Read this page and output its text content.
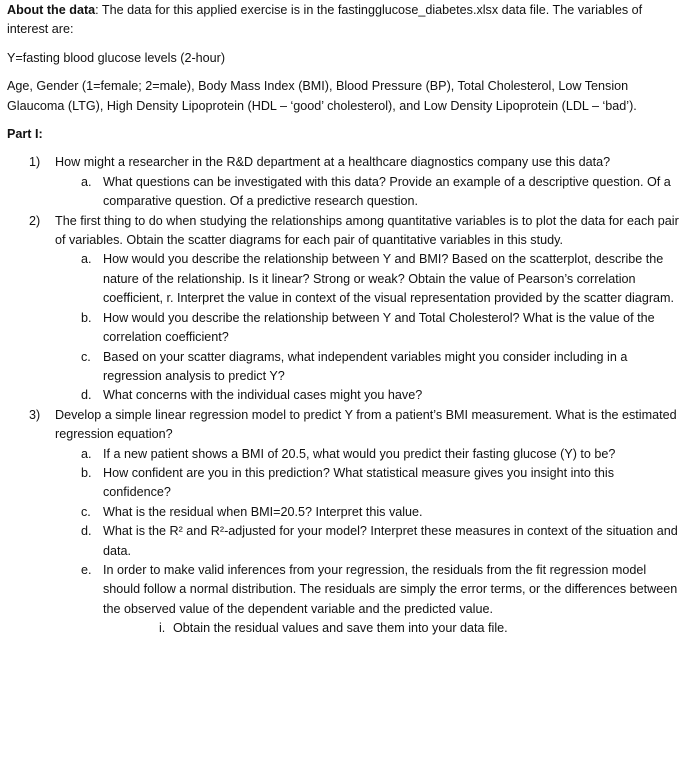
About the data: The data for this applied exercise is in the fastingglucose_diabetes.xlsx data file. The variables of interest are:

Y=fasting blood glucose levels (2-hour)

Age, Gender (1=female; 2=male), Body Mass Index (BMI), Blood Pressure (BP), Total Cholesterol, Low Tension Glaucoma (LTG), High Density Lipoprotein (HDL – ‘good’ cholesterol), and Low Density Lipoprotein (LDL – ‘bad’).

Part I:

1) How might a researcher in the R&D department at a healthcare diagnostics company use this data?
a. What questions can be investigated with this data? Provide an example of a descriptive question. Of a comparative question. Of a predictive research question.
2) The first thing to do when studying the relationships among quantitative variables is to plot the data for each pair of variables. Obtain the scatter diagrams for each pair of quantitative variables in this study.
a. How would you describe the relationship between Y and BMI? Based on the scatterplot, describe the nature of the relationship. Is it linear? Strong or weak? Obtain the value of Pearson’s correlation coefficient, r. Interpret the value in context of the visual representation provided by the scatter diagram.
b. How would you describe the relationship between Y and Total Cholesterol? What is the value of the correlation coefficient?
c. Based on your scatter diagrams, what independent variables might you consider including in a regression analysis to predict Y?
d. What concerns with the individual cases might you have?
3) Develop a simple linear regression model to predict Y from a patient’s BMI measurement. What is the estimated regression equation?
a. If a new patient shows a BMI of 20.5, what would you predict their fasting glucose (Y) to be?
b. How confident are you in this prediction? What statistical measure gives you insight into this confidence?
c. What is the residual when BMI=20.5? Interpret this value.
d. What is the R² and R²-adjusted for your model? Interpret these measures in context of the situation and data.
e. In order to make valid inferences from your regression, the residuals from the fit regression model should follow a normal distribution. The residuals are simply the error terms, or the differences between the observed value of the dependent variable and the predicted value.
i. Obtain the residual values and save them into your data file.
